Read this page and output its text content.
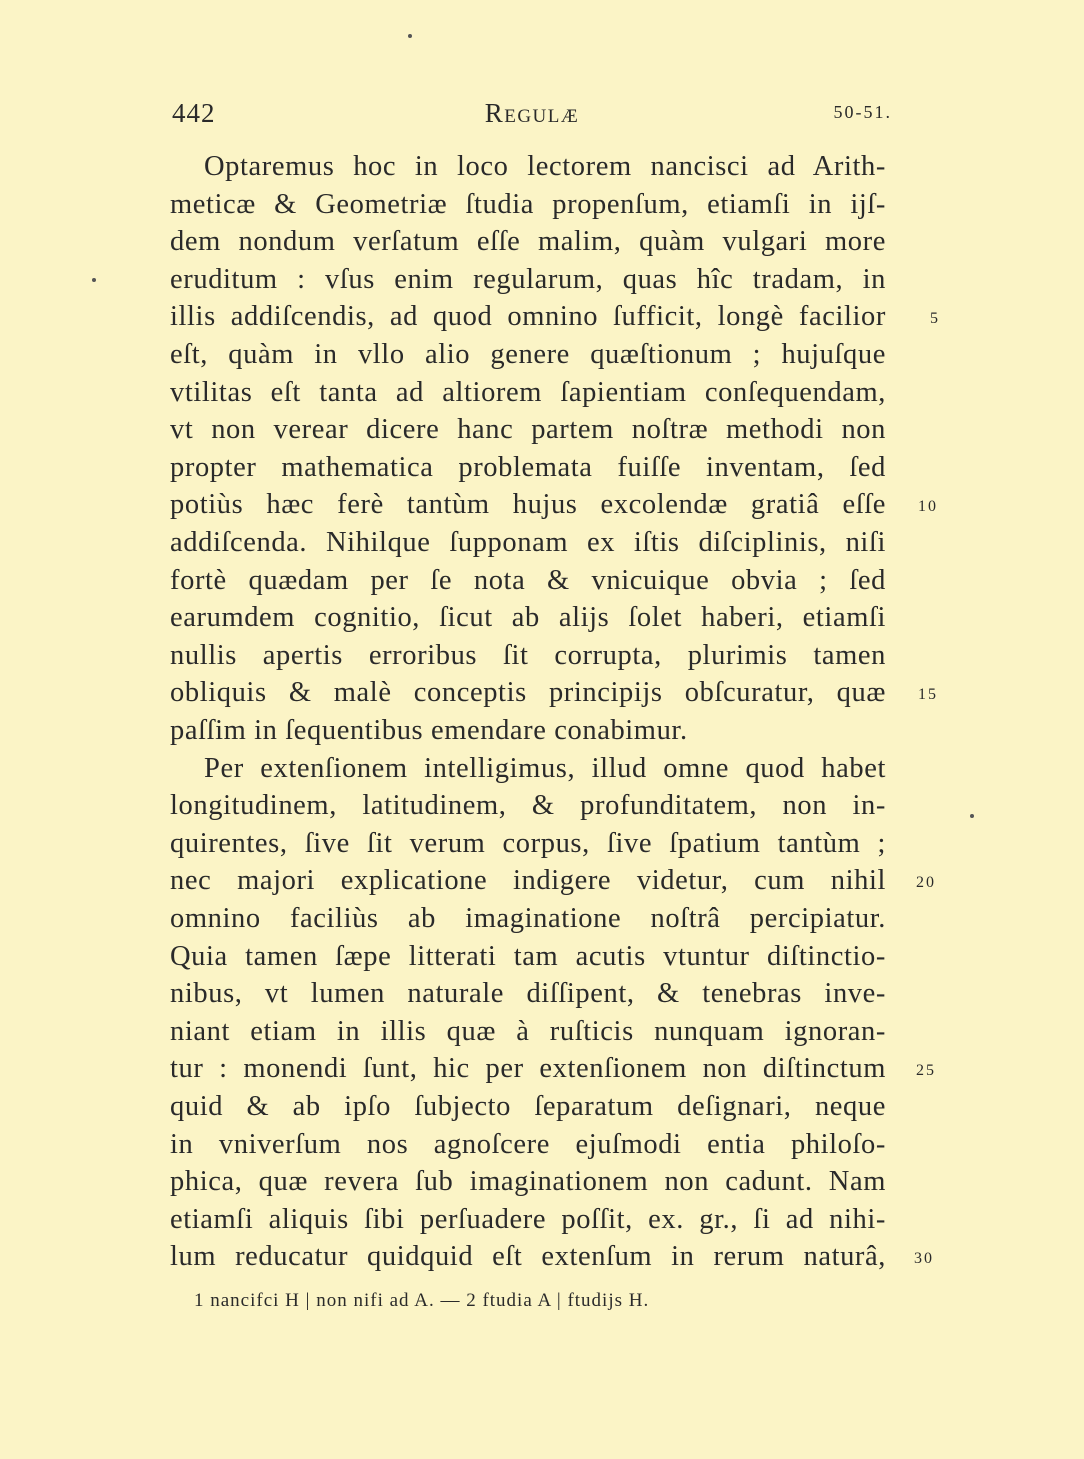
442	Regulæ	50-51.
Optaremus hoc in loco lectorem nancisci ad Arith-
meticæ & Geometriæ ſtudia propenſum, etiamſi in ijſ-
dem nondum verſatum eſſe malim, quàm vulgari more
eruditum : vſus enim regularum, quas hîc tradam, in
illis addiſcendis, ad quod omnino ſufficit, longè facilior
eſt, quàm in vllo alio genere quæſtionum ; hujuſque
vtilitas eſt tanta ad altiorem ſapientiam conſequendam,
vt non verear dicere hanc partem noſtræ methodi non
propter mathematica problemata fuiſſe inventam, ſed
potiùs hæc ferè tantùm hujus excolendæ gratiâ eſſe
addiſcenda. Nihilque ſupponam ex iſtis diſciplinis, niſi
fortè quædam per ſe nota & vnicuique obvia ; ſed
earumdem cognitio, ſicut ab alijs ſolet haberi, etiamſi
nullis apertis erroribus ſit corrupta, plurimis tamen
obliquis & malè conceptis principijs obſcuratur, quæ
paſſim in ſequentibus emendare conabimur.
Per extenſionem intelligimus, illud omne quod habet
longitudinem, latitudinem, & profunditatem, non in-
quirentes, ſive ſit verum corpus, ſive ſpatium tantùm ;
nec majori explicatione indigere videtur, cum nihil
omnino faciliùs ab imaginatione noſtrâ percipiatur.
Quia tamen ſæpe litterati tam acutis vtuntur diſtinctio-
nibus, vt lumen naturale diſſipent, & tenebras inve-
niant etiam in illis quæ à ruſticis nunquam ignoran-
tur : monendi ſunt, hic per extenſionem non diſtinctum
quid & ab ipſo ſubjecto ſeparatum deſignari, neque
in vniverſum nos agnoſcere ejuſmodi entia philoſo-
phica, quæ revera ſub imaginationem non cadunt. Nam
etiamſi aliquis ſibi perſuadere poſſit, ex. gr., ſi ad nihi-
lum reducatur quidquid eſt extenſum in rerum naturâ,
5
10
15
20
25
30
1 nancifci H | non nifi ad A. — 2 ftudia A | ftudijs H.
